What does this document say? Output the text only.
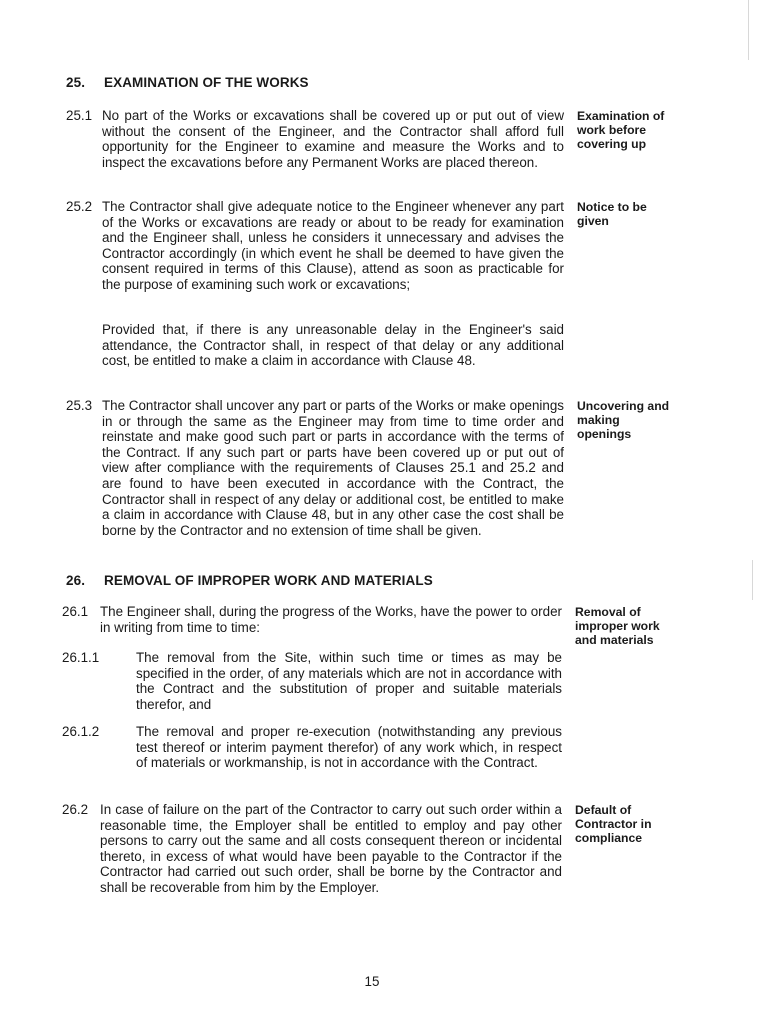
25.	EXAMINATION OF THE WORKS
25.1 No part of the Works or excavations shall be covered up or put out of view without the consent of the Engineer, and the Contractor shall afford full opportunity for the Engineer to examine and measure the Works and to inspect the excavations before any Permanent Works are placed thereon.
Examination of work before covering up
25.2 The Contractor shall give adequate notice to the Engineer whenever any part of the Works or excavations are ready or about to be ready for examination and the Engineer shall, unless he considers it unnecessary and advises the Contractor accordingly (in which event he shall be deemed to have given the consent required in terms of this Clause), attend as soon as practicable for the purpose of examining such work or excavations;
Notice to be given
Provided that, if there is any unreasonable delay in the Engineer's said attendance, the Contractor shall, in respect of that delay or any additional cost, be entitled to make a claim in accordance with Clause 48.
25.3 The Contractor shall uncover any part or parts of the Works or make openings in or through the same as the Engineer may from time to time order and reinstate and make good such part or parts in accordance with the terms of the Contract. If any such part or parts have been covered up or put out of view after compliance with the requirements of Clauses 25.1 and 25.2 and are found to have been executed in accordance with the Contract, the Contractor shall in respect of any delay or additional cost, be entitled to make a claim in accordance with Clause 48, but in any other case the cost shall be borne by the Contractor and no extension of time shall be given.
Uncovering and making openings
26.	REMOVAL OF IMPROPER WORK AND MATERIALS
26.1 The Engineer shall, during the progress of the Works, have the power to order in writing from time to time:
Removal of improper work and materials
26.1.1	The removal from the Site, within such time or times as may be specified in the order, of any materials which are not in accordance with the Contract and the substitution of proper and suitable materials therefor, and
26.1.2	The removal and proper re-execution (notwithstanding any previous test thereof or interim payment therefor) of any work which, in respect of materials or workmanship, is not in accordance with the Contract.
26.2 In case of failure on the part of the Contractor to carry out such order within a reasonable time, the Employer shall be entitled to employ and pay other persons to carry out the same and all costs consequent thereon or incidental thereto, in excess of what would have been payable to the Contractor if the Contractor had carried out such order, shall be borne by the Contractor and shall be recoverable from him by the Employer.
Default of Contractor in compliance
15
